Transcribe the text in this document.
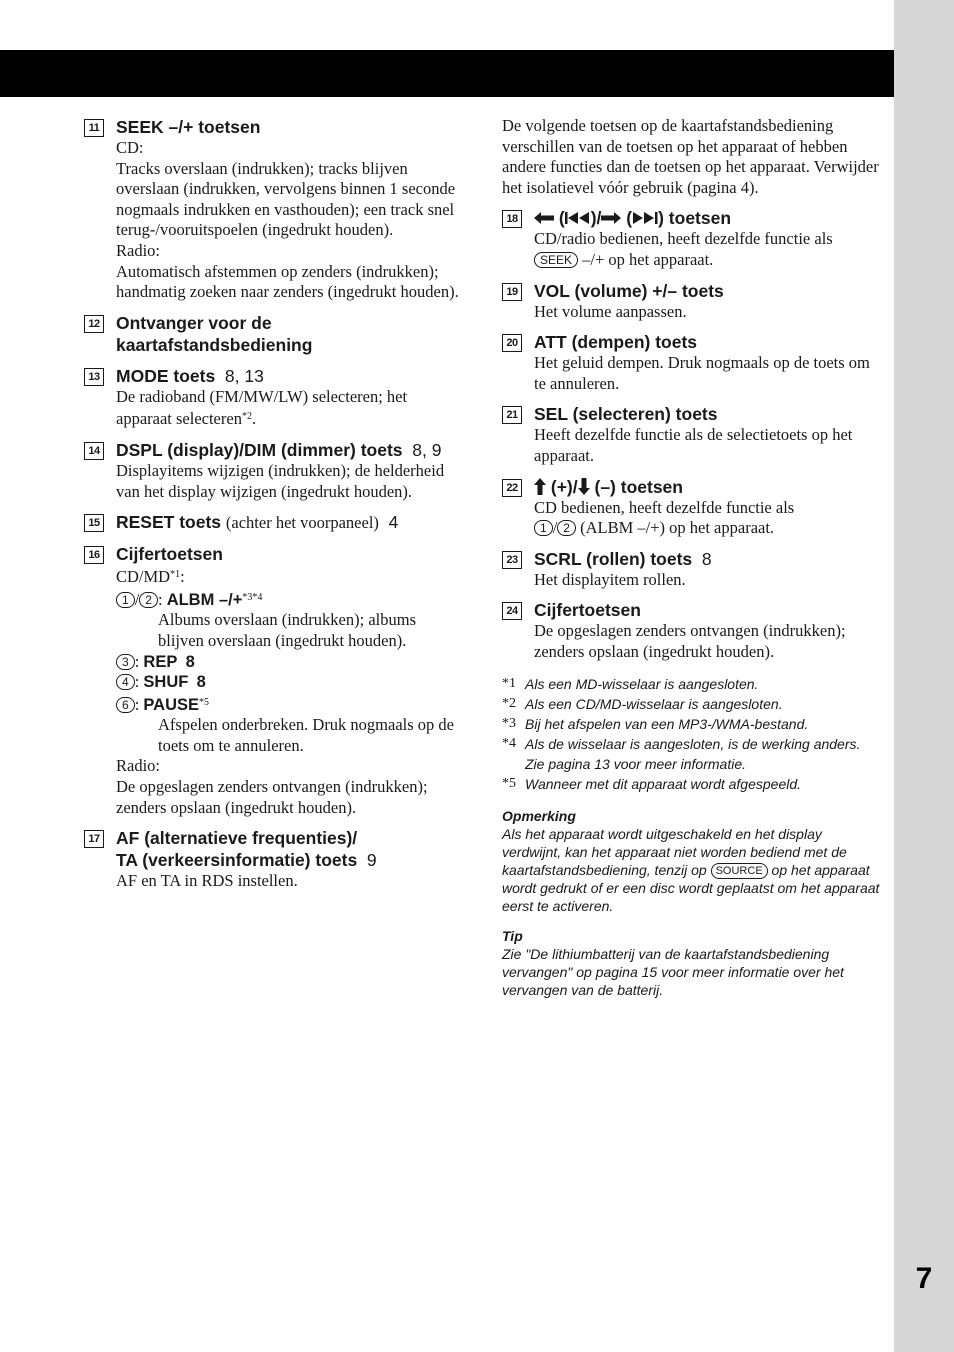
7
11 SEEK –/+ toetsen
CD:
Tracks overslaan (indrukken); tracks blijven overslaan (indrukken, vervolgens binnen 1 seconde nogmaals indrukken en vasthouden); een track snel terug-/vooruitspoelen (ingedrukt houden).
Radio:
Automatisch afstemmen op zenders (indrukken); handmatig zoeken naar zenders (ingedrukt houden).
12 Ontvanger voor de
kaartafstandsbediening
13 MODE toets 8, 13
De radioband (FM/MW/LW) selecteren; het apparaat selecteren$^{*2}$.
14 DSPL (display)/DIM (dimmer) toets 8, 9
Displayitems wijzigen (indrukken); de helderheid van het display wijzigen (ingedrukt houden).
15 RESET toets (achter het voorpaneel) 4
16 Cijfertoetsen
CD/MD$^{*1}$:
1 / 2 : ALBM –/+$^{*3*4}$
Albums overslaan (indrukken); albums blijven overslaan (ingedrukt houden).
3 : REP 8
4 : SHUF 8
6 : PAUSE$^{*5}$
Afspelen onderbreken. Druk nogmaals op de toets om te annuleren.
Radio:
De opgeslagen zenders ontvangen (indrukken); zenders opslaan (ingedrukt houden).
17 AF (alternatieve frequenties)/
TA (verkeersinformatie) toets 9
AF en TA in RDS instellen.
De volgende toetsen op de kaartafstandsbediening verschillen van de toetsen op het apparaat of hebben andere functies dan de toetsen op het apparaat. Verwijder het isolatievel vóór gebruik (pagina 4).
18	( )/ ( ) toetsen
CD/radio bedienen, heeft dezelfde functie als
SEEK –/+ op het apparaat.
19 VOL (volume) +/– toets
Het volume aanpassen.
20 ATT (dempen) toets
Het geluid dempen. Druk nogmaals op de toets om te annuleren.
21 SEL (selecteren) toets
Heeft dezelfde functie als de selectietoets op het apparaat.
22	(+)/ (–) toetsen
CD bedienen, heeft dezelfde functie als
1 / 2 (ALBM –/+) op het apparaat.
23 SCRL (rollen) toets 8
Het displayitem rollen.
24 Cijfertoetsen
De opgeslagen zenders ontvangen (indrukken); zenders opslaan (ingedrukt houden).
*1 Als een MD-wisselaar is aangesloten.
*2 Als een CD/MD-wisselaar is aangesloten.
*3 Bij het afspelen van een MP3-/WMA-bestand.
*4 Als de wisselaar is aangesloten, is de werking anders. Zie pagina 13 voor meer informatie.
*5 Wanneer met dit apparaat wordt afgespeeld.
Opmerking
Als het apparaat wordt uitgeschakeld en het display verdwijnt, kan het apparaat niet worden bediend met de kaartafstandsbediening, tenzij op SOURCE op het apparaat wordt gedrukt of er een disc wordt geplaatst om het apparaat eerst te activeren.
Tip
Zie "De lithiumbatterij van de kaartafstandsbediening vervangen" op pagina 15 voor meer informatie over het vervangen van de batterij.
